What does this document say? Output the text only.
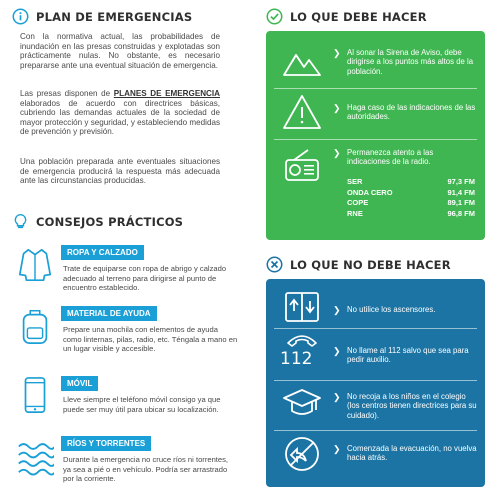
PLAN DE EMERGENCIAS

Con la normativa actual, las probabilidades de inundación en las presas construidas y explotadas son prácticamente nulas. No obstante, es necesario prepararse ante una eventual situación de emergencia.

Las presas disponen de PLANES DE EMERGENCIA elaborados de acuerdo con directrices básicas, cubriendo las demandas actuales de la sociedad de mayor protección y seguridad, y estableciendo medidas de prevención y previsión.

Una población preparada ante eventuales situaciones de emergencia producirá la respuesta más adecuada ante las circunstancias producidas.

CONSEJOS PRÁCTICOS
ROPA Y CALZADO
Trate de equiparse con ropa de abrigo y calzado adecuado al terreno para dirigirse al punto de encuentro establecido.
MATERIAL DE AYUDA
Prepare una mochila con elementos de ayuda como linternas, pilas, radio, etc. Téngala a mano en un lugar visible y accesible.
MÓVIL
Lleve siempre el teléfono móvil consigo ya que puede ser muy útil para ubicar su localización.
RÍOS Y TORRENTES
Durante la emergencia no cruce ríos ni torrentes, ya sea a pié o en vehículo. Podría ser arrastrado por la corriente.
LO QUE DEBE HACER
❯ Al sonar la Sirena de Aviso, debe dirigirse a los puntos más altos de la población.

❯ Haga caso de las indicaciones de las autoridades.

❯ Permanezca atento a las indicaciones de la radio.

SER	97,3 FM
ONDA CERO	91,4 FM
COPE	89,1 FM
RNE	96,8 FM
LO QUE NO DEBE HACER
❯ No utilice los ascensores.

112 ❯ No llame al 112 salvo que sea para pedir auxilio.

❯ No recoja a los niños en el colegio (los centros tienen directrices para su cuidado).

❯ Comenzada la evacuación, no vuelva hacia atrás.
